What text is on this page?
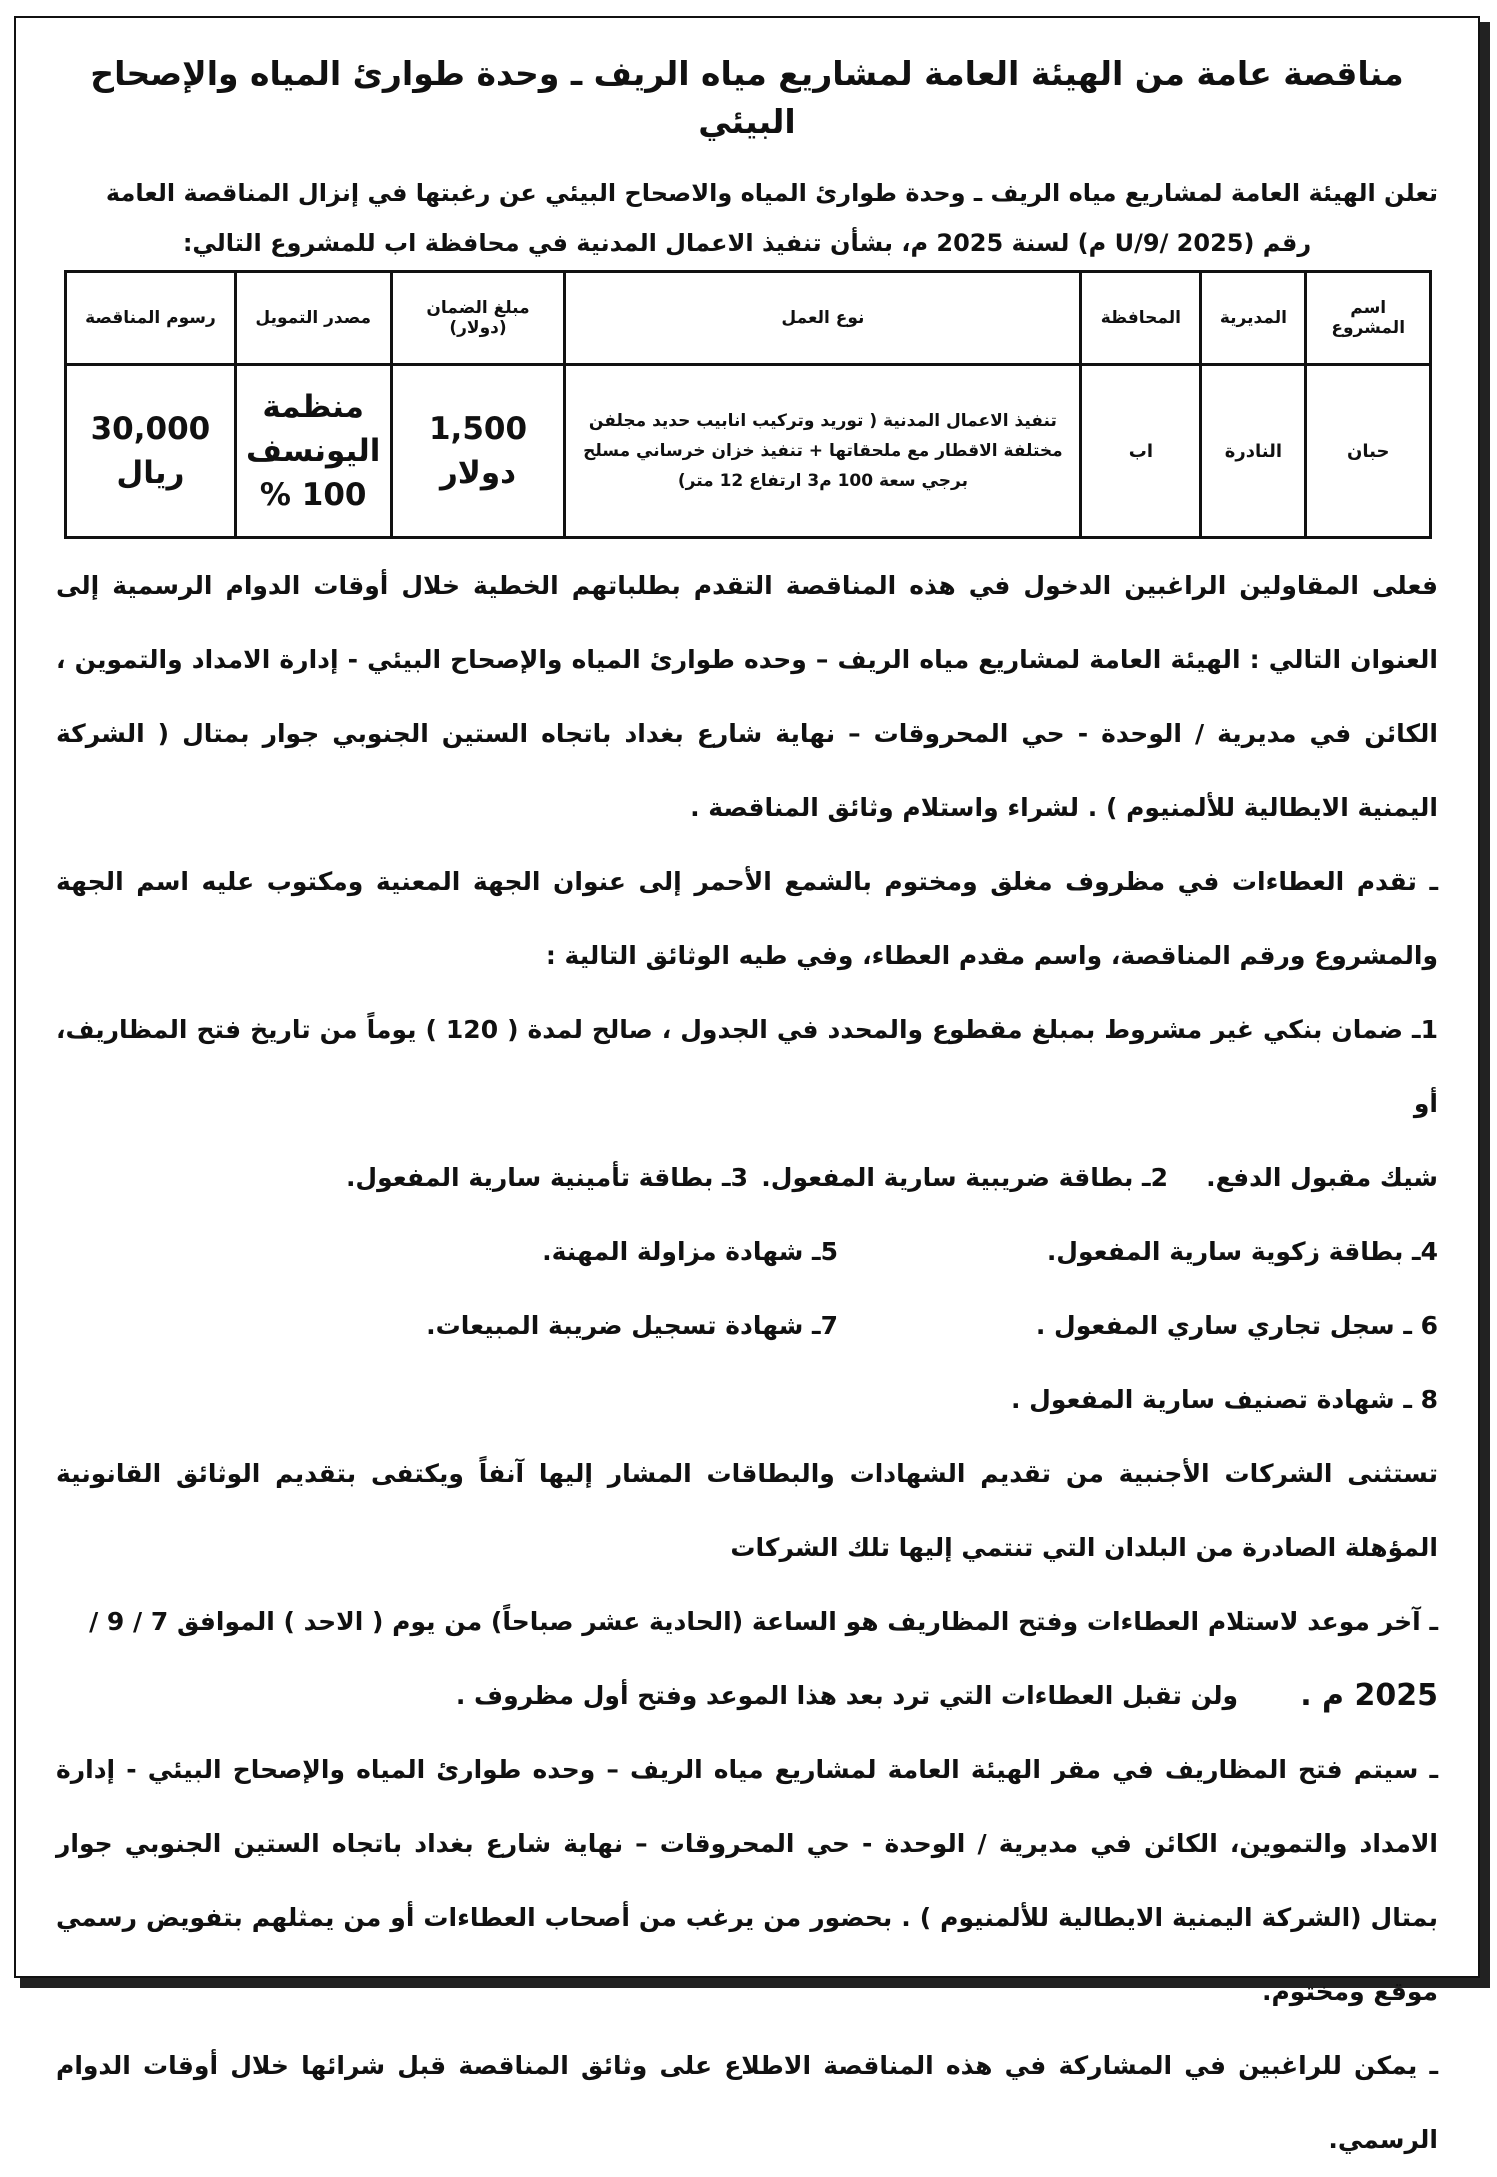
مناقصة عامة من الهيئة العامة لمشاريع مياه الريف ـ وحدة طوارئ المياه والإصحاح البيئي
تعلن الهيئة العامة لمشاريع مياه الريف ـ وحدة طوارئ المياه والاصحاح البيئي عن رغبتها في إنزال المناقصة العامة
رقم (U/9/ 2025 م) لسنة 2025 م، بشأن تنفيذ الاعمال المدنية في محافظة اب للمشروع التالي:
اسم المشروع	المديرية	المحافظة	نوع العمل	مبلغ الضمان (دولار)	مصدر التمويل	رسوم المناقصة
حبان	النادرة	اب	تنفيذ الاعمال المدنية ( توريد وتركيب انابيب حديد مجلفن مختلفة الاقطار مع ملحقاتها + تنفيذ خزان خرساني مسلح برجي سعة 100 م3 ارتفاع 12 متر)	1,500 دولار	منظمة اليونسف 100 %	30,000 ريال
فعلى المقاولين الراغبين الدخول في هذه المناقصة التقدم بطلباتهم الخطية خلال أوقات الدوام الرسمية إلى العنوان التالي : الهيئة العامة لمشاريع مياه الريف – وحده طوارئ المياه والإصحاح البيئي - إدارة الامداد والتموين ، الكائن في مديرية / الوحدة - حي المحروقات – نهاية شارع بغداد باتجاه الستين الجنوبي جوار بمتال ( الشركة اليمنية الايطالية للألمنيوم ) . لشراء واستلام وثائق المناقصة .
ـ تقدم العطاءات في مظروف مغلق ومختوم بالشمع الأحمر إلى عنوان الجهة المعنية ومكتوب عليه اسم الجهة والمشروع ورقم المناقصة، واسم مقدم العطاء، وفي طيه الوثائق التالية :
1ـ ضمان بنكي غير مشروط بمبلغ مقطوع والمحدد في الجدول ، صالح لمدة ( 120 ) يوماً من تاريخ فتح المظاريف، أو
شيك مقبول الدفع.
2ـ بطاقة ضريبية سارية المفعول.
3ـ بطاقة تأمينية سارية المفعول.
4ـ بطاقة زكوية سارية المفعول.
5ـ شهادة مزاولة المهنة.
6 ـ سجل تجاري ساري المفعول .
7ـ شهادة تسجيل ضريبة المبيعات.
8 ـ شهادة تصنيف سارية المفعول .
تستثنى الشركات الأجنبية من تقديم الشهادات والبطاقات المشار إليها آنفاً ويكتفى بتقديم الوثائق القانونية المؤهلة الصادرة من البلدان التي تنتمي إليها تلك الشركات
ـ آخر موعد لاستلام العطاءات وفتح المظاريف هو الساعة (الحادية عشر صباحاً) من يوم ( الاحد ) الموافق 7 / 9 /
2025 م .
ولن تقبل العطاءات التي ترد بعد هذا الموعد وفتح أول مظروف .
ـ سيتم فتح المظاريف في مقر الهيئة العامة لمشاريع مياه الريف – وحده طوارئ المياه والإصحاح البيئي - إدارة الامداد والتموين، الكائن في مديرية / الوحدة - حي المحروقات – نهاية شارع بغداد باتجاه الستين الجنوبي جوار بمتال (الشركة اليمنية الايطالية للألمنيوم ) . بحضور من يرغب من أصحاب العطاءات أو من يمثلهم بتفويض رسمي موقع ومختوم.
ـ يمكن للراغبين في المشاركة في هذه المناقصة الاطلاع على وثائق المناقصة قبل شرائها خلال أوقات الدوام الرسمي.
